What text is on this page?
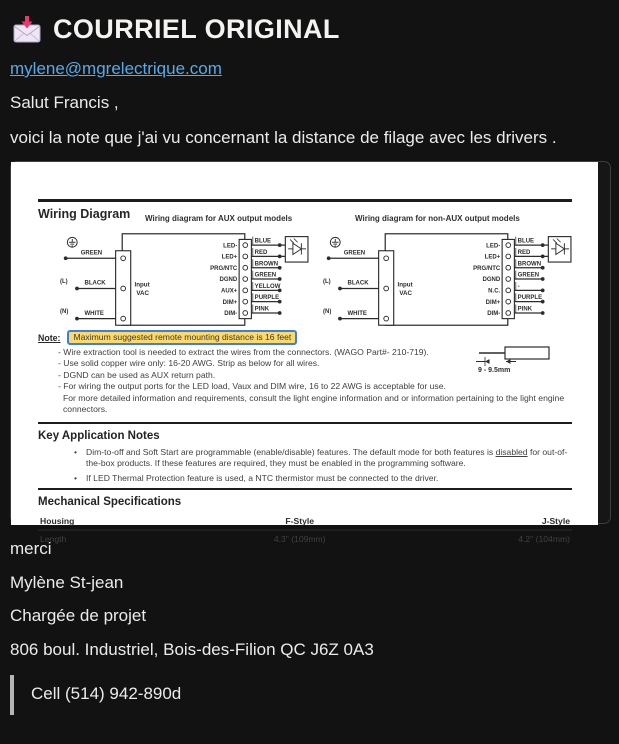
COURRIEL ORIGINAL
mylene@mgrelectrique.com

Salut Francis ,

voici la note que j'ai vu concernant la distance de filage avec les drivers .

Wiring Diagram Wiring diagram for AUX output models	Wiring diagram for non-AUX output models
GREEN
(L)	BLACK
(N)	WHITE
Input
VAC
LED-
BLUE
LED+
RED
PRG/NTC
BROWN
DGND
GREEN
AUX+
YELLOW
DIM+
PURPLE
DIM-
PINK
GREEN
(L)	BLACK
(N)	WHITE
Input
VAC
LED-
BLUE
LED+
RED
PRG/NTC
BROWN
DGND
GREEN
N.C.
-
DIM+
PURPLE
DIM-
PINK
Note:	Maximum suggested remote mounting distance is 16 feet
- Wire extraction tool is needed to extract the wires from the connectors. (WAGO Part#- 210-719).
- Use solid copper wire only: 16-20 AWG. Strip as below for all wires.
- DGND can be used as AUX return path.
- For wiring the output ports for the LED load, Vaux and DIM wire, 16 to 22 AWG is acceptable for use.
For more detailed information and requirements, consult the light engine information and or information pertaining to the light engine connectors.
9 - 9.5mm
Key Application Notes
• Dim-to-off and Soft Start are programmable (enable/disable) features. The default mode for both features is disabled for out-of-the-box products. If these features are required, they must be enabled in the programming software.
• If LED Thermal Protection feature is used, a NTC thermistor must be connected to the driver.
Mechanical Specifications
Housing	F-Style	J-Style
Length	4.3" (109mm)	4.2" (104mm)

merci

Mylène St-jean

Chargée de projet

806 boul. Industriel, Bois-des-Filion QC J6Z 0A3

Cell (514) 942-890d
